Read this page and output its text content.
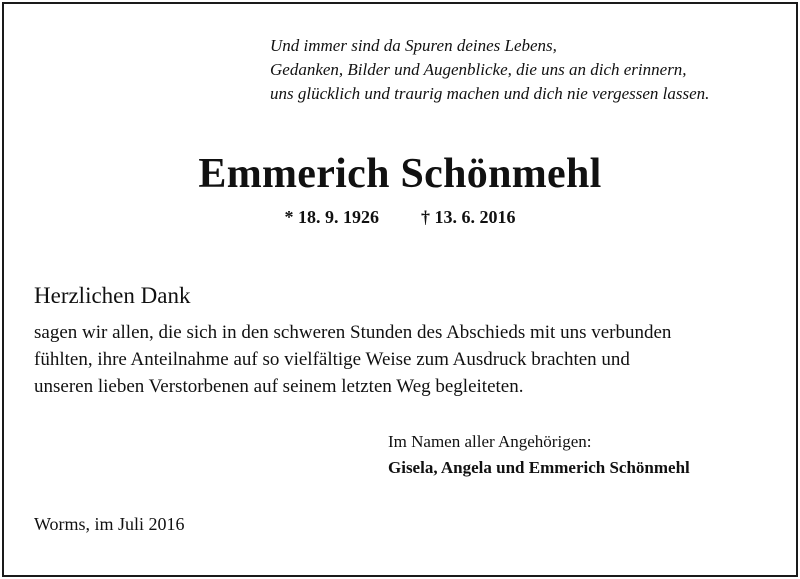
Und immer sind da Spuren deines Lebens,
Gedanken, Bilder und Augenblicke, die uns an dich erinnern,
uns glücklich und traurig machen und dich nie vergessen lassen.
Emmerich Schönmehl
* 18. 9. 1926 † 13. 6. 2016
Herzlichen Dank
sagen wir allen, die sich in den schweren Stunden des Abschieds mit uns verbunden
fühlten, ihre Anteilnahme auf so vielfältige Weise zum Ausdruck brachten und
unseren lieben Verstorbenen auf seinem letzten Weg begleiteten.
Im Namen aller Angehörigen:
Gisela, Angela und Emmerich Schönmehl
Worms, im Juli 2016
